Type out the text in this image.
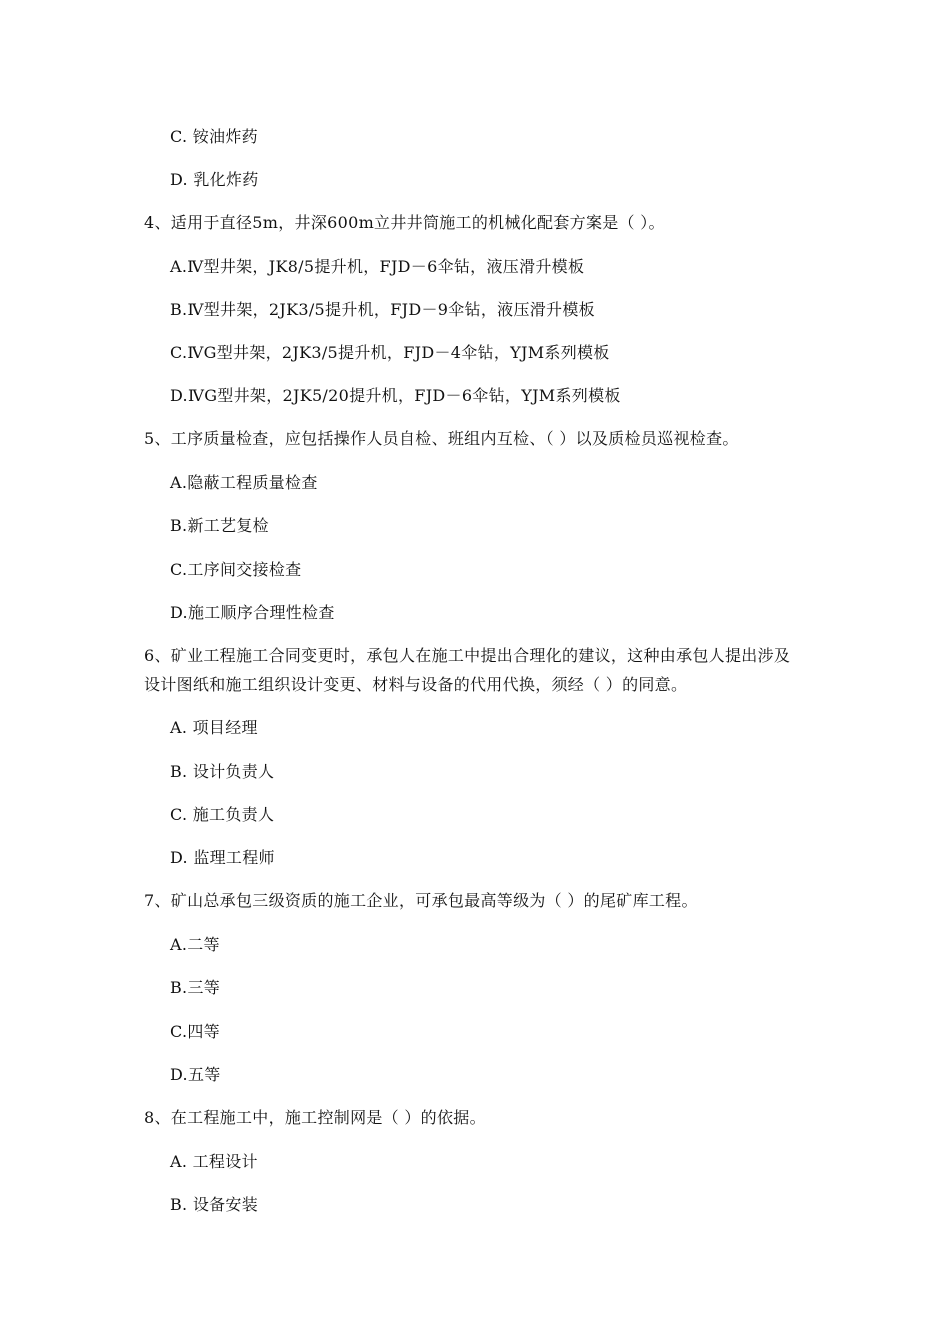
C. 铵油炸药
D. 乳化炸药
4、适用于直径5m，井深600m立井井筒施工的机械化配套方案是（ ）。
A.Ⅳ型井架，JK8/5提升机，FJD－6伞钻，液压滑升模板
B.Ⅳ型井架，2JK3/5提升机，FJD－9伞钻，液压滑升模板
C.ⅣG型井架，2JK3/5提升机，FJD－4伞钻，YJM系列模板
D.ⅣG型井架，2JK5/20提升机，FJD－6伞钻，YJM系列模板
5、工序质量检查，应包括操作人员自检、班组内互检、（ ）以及质检员巡视检查。
A.隐蔽工程质量检查
B.新工艺复检
C.工序间交接检查
D.施工顺序合理性检查
6、矿业工程施工合同变更时，承包人在施工中提出合理化的建议，这种由承包人提出涉及
设计图纸和施工组织设计变更、材料与设备的代用代换，须经（ ）的同意。
A. 项目经理
B. 设计负责人
C. 施工负责人
D. 监理工程师
7、矿山总承包三级资质的施工企业，可承包最高等级为（ ）的尾矿库工程。
A.二等
B.三等
C.四等
D.五等
8、在工程施工中，施工控制网是（ ）的依据。
A. 工程设计
B. 设备安装
